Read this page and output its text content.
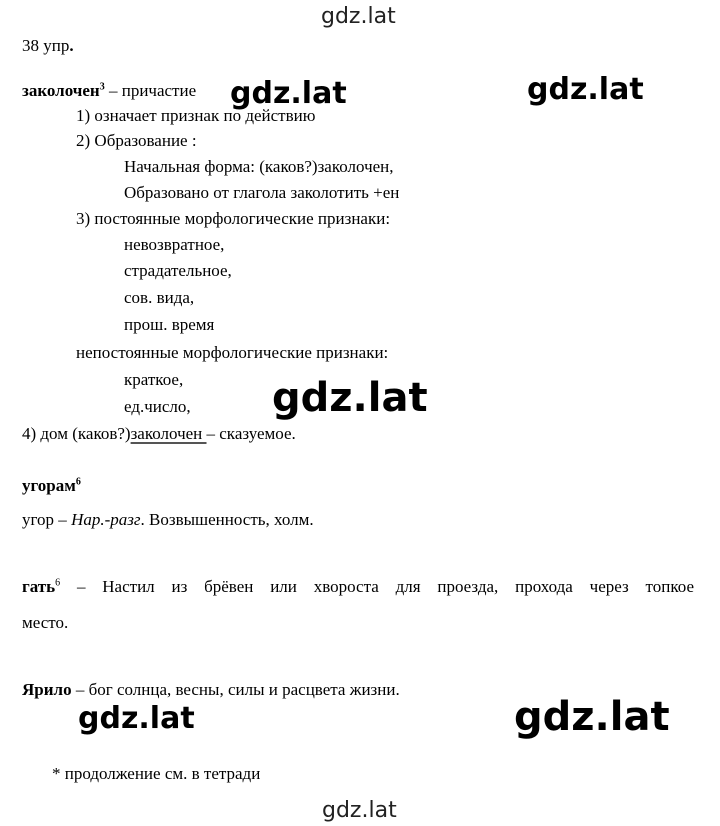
gdz.lat
38 упр.
заколочен$^3$ – причастие
1) означает признак по действию
2) Образование :
Начальная форма: (каков?)заколочен,
Образовано от глагола заколотить +ен
3) постоянные морфологические признаки:
невозвратное,
страдательное,
сов. вида,
прош. время
непостоянные морфологические признаки:
краткое,
ед.число,
4) дом (каков?)заколочен – сказуемое.
угорам$^6$
угор – Нар.-разг. Возвышенность, холм.
гать$^6$ – Настил из брёвен или хвороста для проезда, прохода через топкое
место.
Ярило – бог солнца, весны, силы и расцвета жизни.
* продолжение см. в тетради
gdz.lat
gdz.lat	gdz.lat
gdz.lat
gdz.lat	gdz.lat
